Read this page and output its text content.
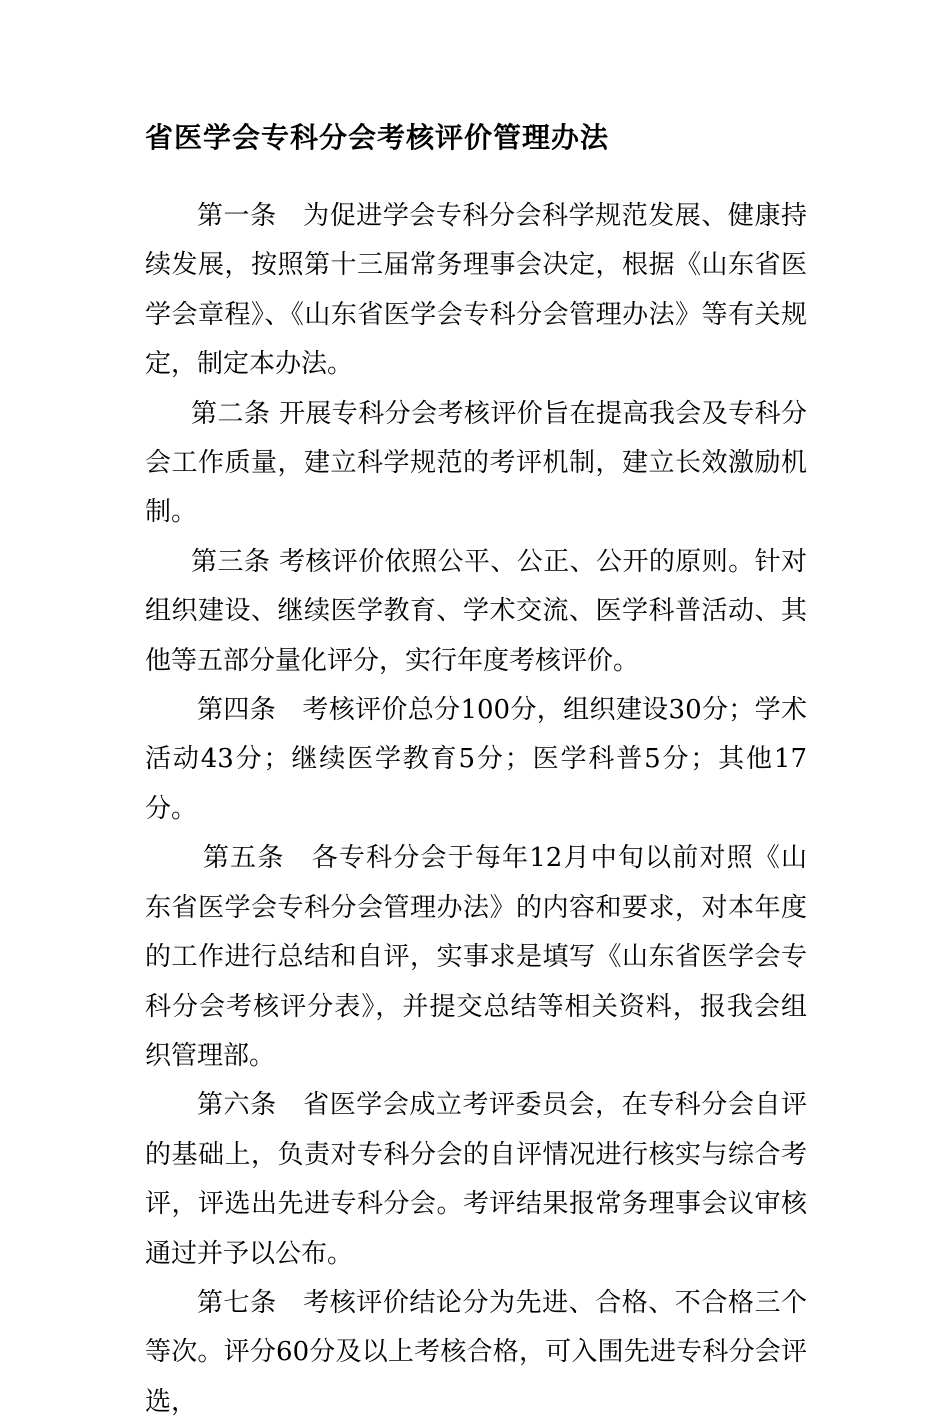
省医学会专科分会考核评价管理办法

第一条　为促进学会专科分会科学规范发展、健康持续发展，按照第十三届常务理事会决定，根据《山东省医学会章程》、《山东省医学会专科分会管理办法》等有关规定，制定本办法。

第二条 开展专科分会考核评价旨在提高我会及专科分会工作质量，建立科学规范的考评机制，建立长效激励机制。

第三条 考核评价依照公平、公正、公开的原则。针对组织建设、继续医学教育、学术交流、医学科普活动、其他等五部分量化评分，实行年度考核评价。

第四条　考核评价总分100分，组织建设30分；学术活动43分；继续医学教育5分；医学科普5分；其他17分。

第五条　各专科分会于每年12月中旬以前对照《山东省医学会专科分会管理办法》的内容和要求，对本年度的工作进行总结和自评，实事求是填写《山东省医学会专科分会考核评分表》，并提交总结等相关资料，报我会组织管理部。

第六条　省医学会成立考评委员会，在专科分会自评的基础上，负责对专科分会的自评情况进行核实与综合考评，评选出先进专科分会。考评结果报常务理事会议审核通过并予以公布。

第七条　考核评价结论分为先进、合格、不合格三个等次。评分60分及以上考核合格，可入围先进专科分会评选，
